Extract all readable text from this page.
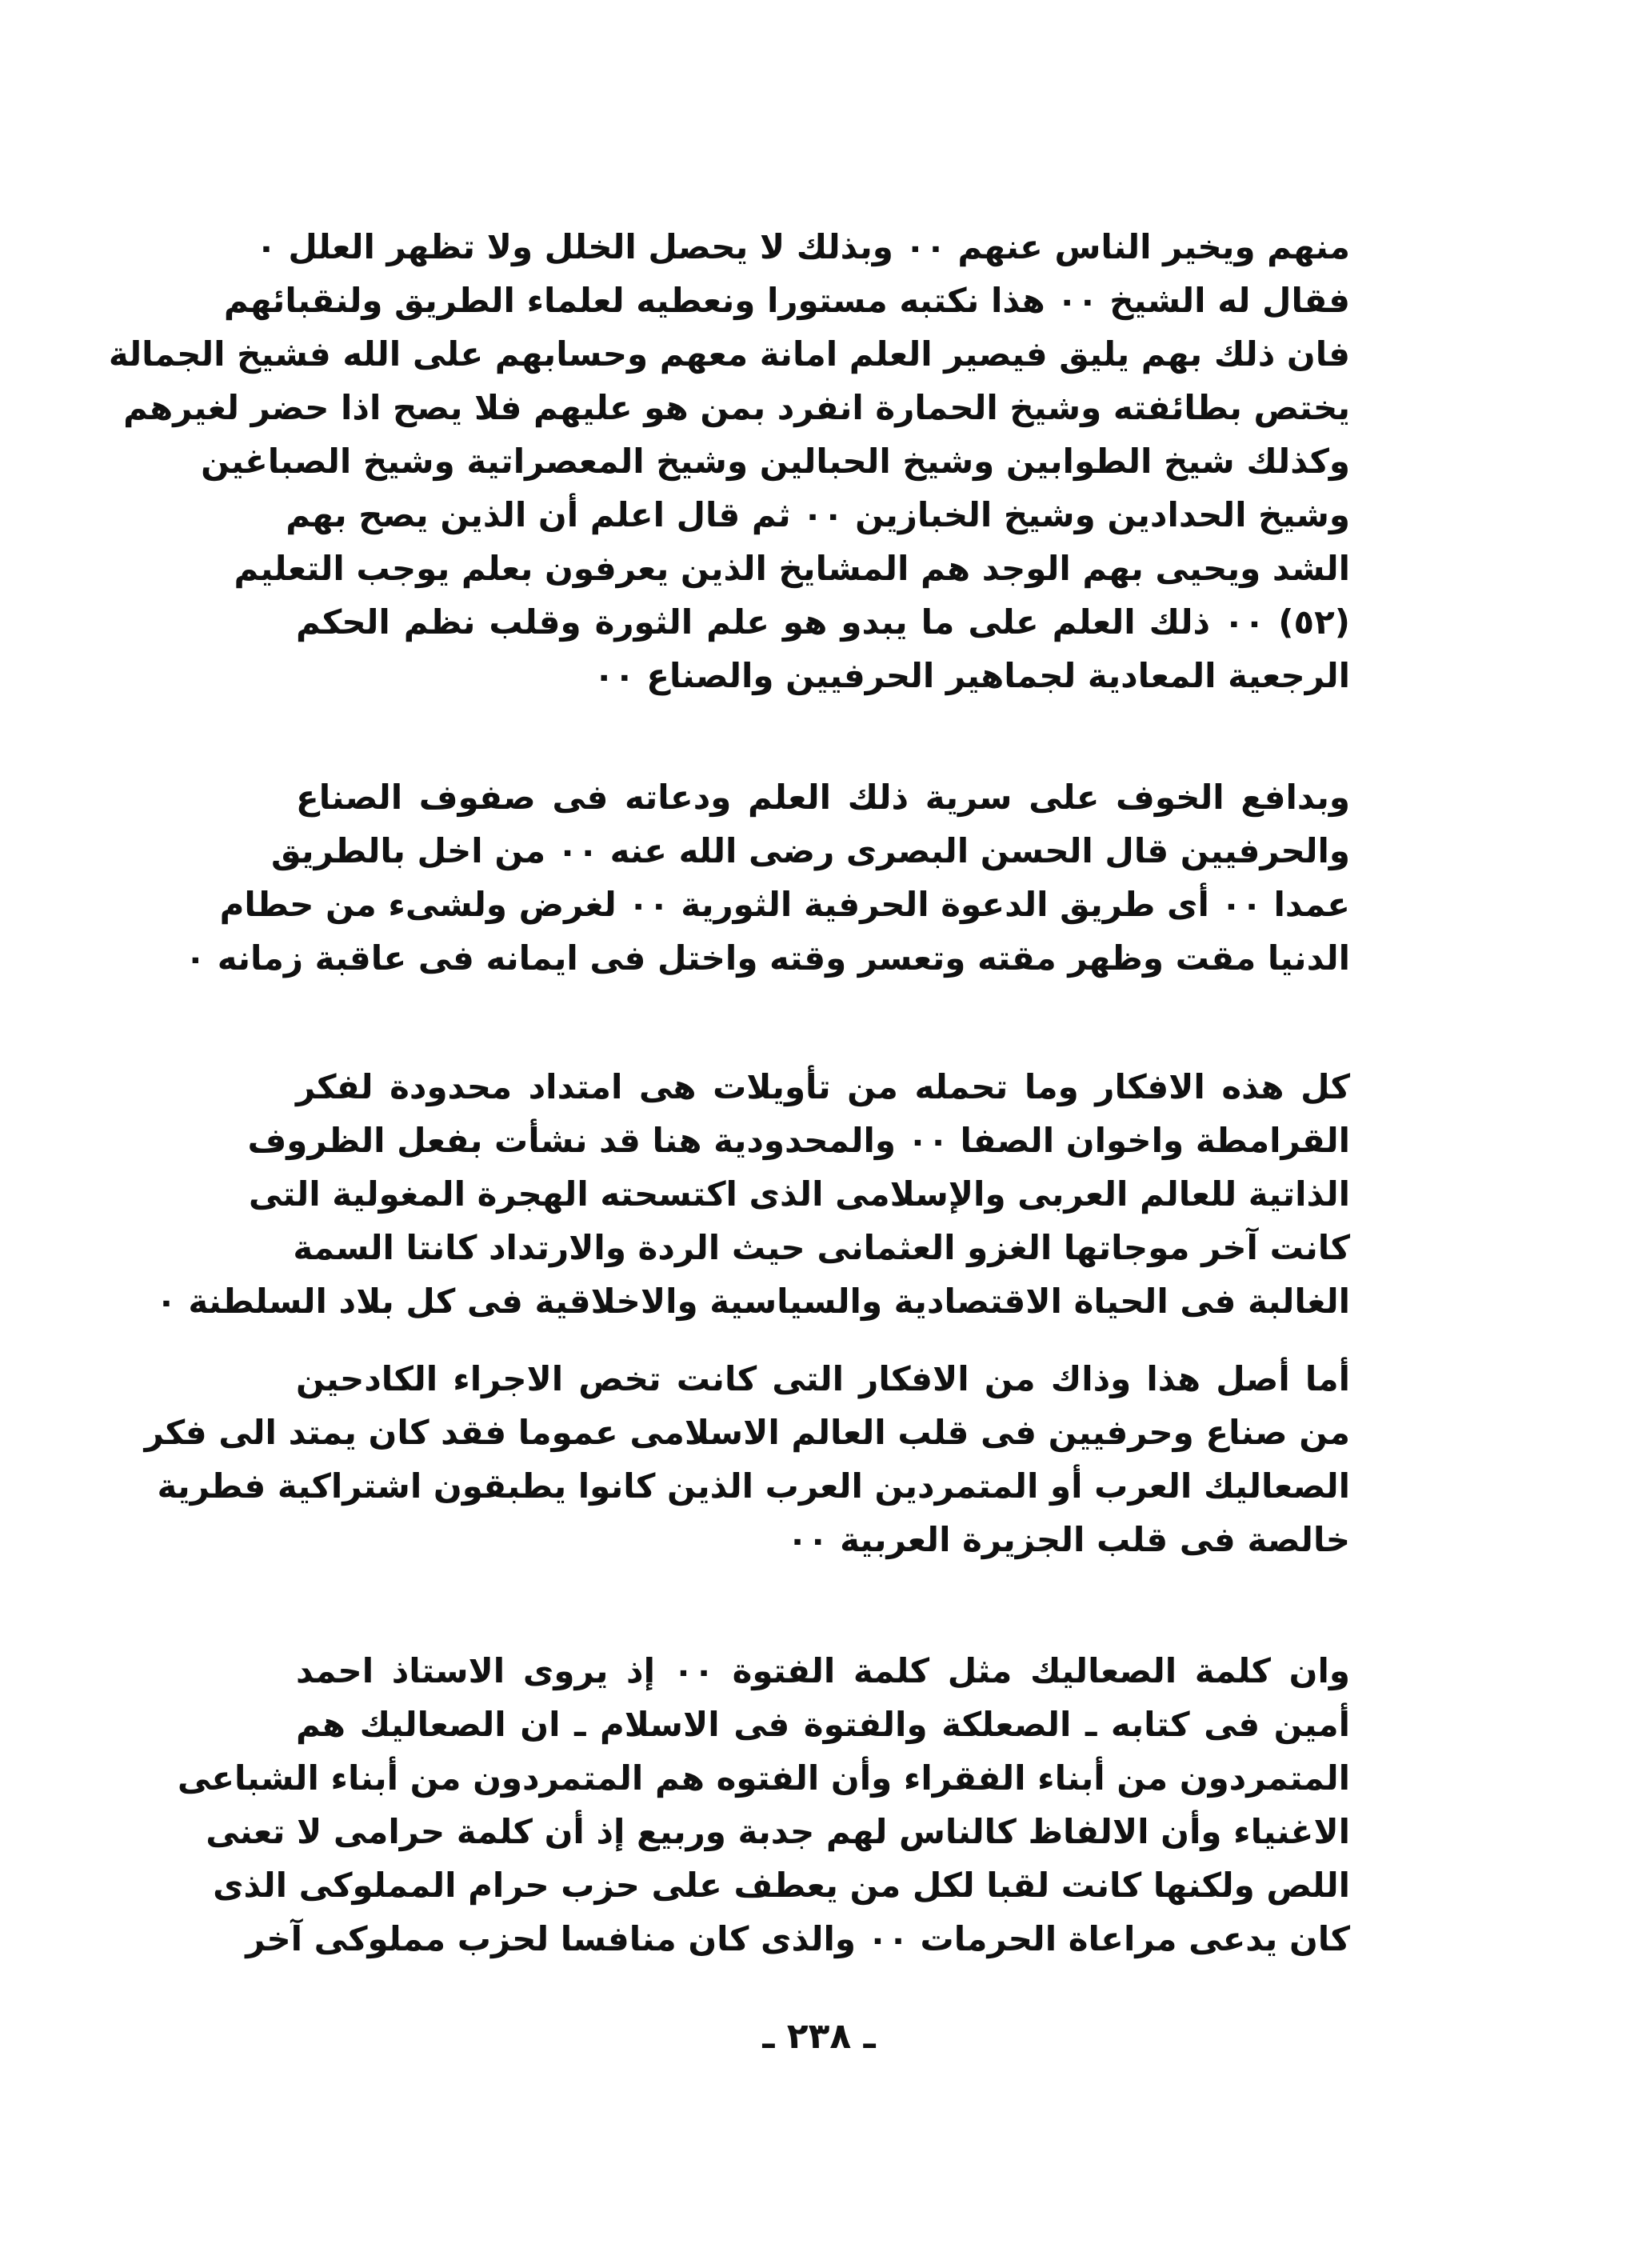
منهم ويخير الناس عنهم ٠٠ وبذلك لا يحصل الخلل ولا تظهر العلل ٠
فقال له الشيخ ٠٠ هذا نكتبه مستورا ونعطيه لعلماء الطريق ولنقبائهم
فان ذلك بهم يليق فيصير العلم امانة معهم وحسابهم على الله فشيخ الجمالة
يختص بطائفته وشيخ الحمارة انفرد بمن هو عليهم فلا يصح اذا حضر لغيرهم
وكذلك شيخ الطوابين وشيخ الحبالين وشيخ المعصراتية وشيخ الصباغين
وشيخ الحدادين وشيخ الخبازين ٠٠ ثم قال اعلم أن الذين يصح بهم
الشد ويحيى بهم الوجد هم المشايخ الذين يعرفون بعلم يوجب التعليم
(٥٢) ٠٠ ذلك العلم على ما يبدو هو علم الثورة وقلب نظم الحكم
الرجعية المعادية لجماهير الحرفيين والصناع ٠٠
وبدافع الخوف على سرية ذلك العلم ودعاته فى صفوف الصناع
والحرفيين قال الحسن البصرى رضى الله عنه ٠٠ من اخل بالطريق
عمدا ٠٠ أى طريق الدعوة الحرفية الثورية ٠٠ لغرض ولشىء من حطام
الدنيا مقت وظهر مقته وتعسر وقته واختل فى ايمانه فى عاقبة زمانه ٠
كل هذه الافكار وما تحمله من تأويلات هى امتداد محدودة لفكر
القرامطة واخوان الصفا ٠٠ والمحدودية هنا قد نشأت بفعل الظروف
الذاتية للعالم العربى والإسلامى الذى اكتسحته الهجرة المغولية التى
كانت آخر موجاتها الغزو العثمانى حيث الردة والارتداد كانتا السمة
الغالبة فى الحياة الاقتصادية والسياسية والاخلاقية فى كل بلاد السلطنة ٠
أما أصل هذا وذاك من الافكار التى كانت تخص الاجراء الكادحين
من صناع وحرفيين فى قلب العالم الاسلامى عموما فقد كان يمتد الى فكر
الصعاليك العرب أو المتمردين العرب الذين كانوا يطبقون اشتراكية فطرية
خالصة فى قلب الجزيرة العربية ٠٠
وان كلمة الصعاليك مثل كلمة الفتوة ٠٠ إذ يروى الاستاذ احمد
أمين فى كتابه ـ الصعلكة والفتوة فى الاسلام ـ ان الصعاليك هم
المتمردون من أبناء الفقراء وأن الفتوه هم المتمردون من أبناء الشباعى
الاغنياء وأن الالفاظ كالناس لهم جدبة وربيع إذ أن كلمة حرامى لا تعنى
اللص ولكنها كانت لقبا لكل من يعطف على حزب حرام المملوكى الذى
كان يدعى مراعاة الحرمات ٠٠ والذى كان منافسا لحزب مملوكى آخر
ـ ٢٣٨ ـ
